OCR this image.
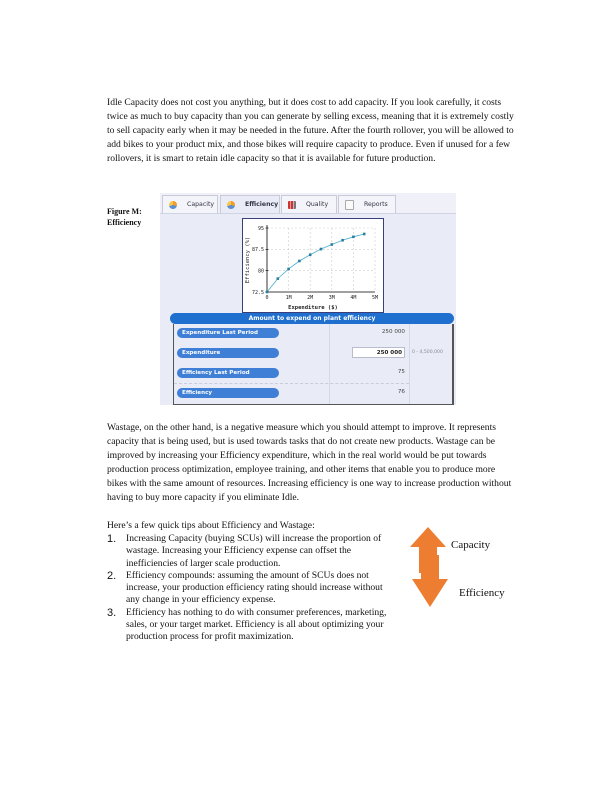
Idle Capacity does not cost you anything, but it does cost to add capacity. If you look carefully, it costs twice as much to buy capacity than you can generate by selling excess, meaning that it is extremely costly to sell capacity early when it may be needed in the future. After the fourth rollover, you will be allowed to add bikes to your product mix, and those bikes will require capacity to produce. Even if unused for a few rollovers, it is smart to retain idle capacity so that it is available for future production.

Figure M: Efficiency
Capacity	Efficiency	Quality	Reports
0	1M	2M	3M	4M	5M
72.5
80
87.5
95
Expenditure ($)
Efficiency (%)
Amount to expend on plant efficiency
Expenditure Last Period	250 000
Expenditure	250 000	0 - 4,500,000
Efficiency Last Period	75
Efficiency	76

Wastage, on the other hand, is a negative measure which you should attempt to improve. It represents capacity that is being used, but is used towards tasks that do not create new products. Wastage can be improved by increasing your Efficiency expenditure, which in the real world would be put towards production process optimization, employee training, and other items that enable you to produce more bikes with the same amount of resources. Increasing efficiency is one way to increase production without having to buy more capacity if you eliminate Idle.

Here’s a few quick tips about Efficiency and Wastage:
1. Increasing Capacity (buying SCUs) will increase the proportion of wastage. Increasing your Efficiency expense can offset the inefficiencies of larger scale production.
2. Efficiency compounds: assuming the amount of SCUs does not increase, your production efficiency rating should increase without any change in your efficiency expense.
3. Efficiency has nothing to do with consumer preferences, marketing, sales, or your target market. Efficiency is all about optimizing your production process for profit maximization.
Capacity
Efficiency
